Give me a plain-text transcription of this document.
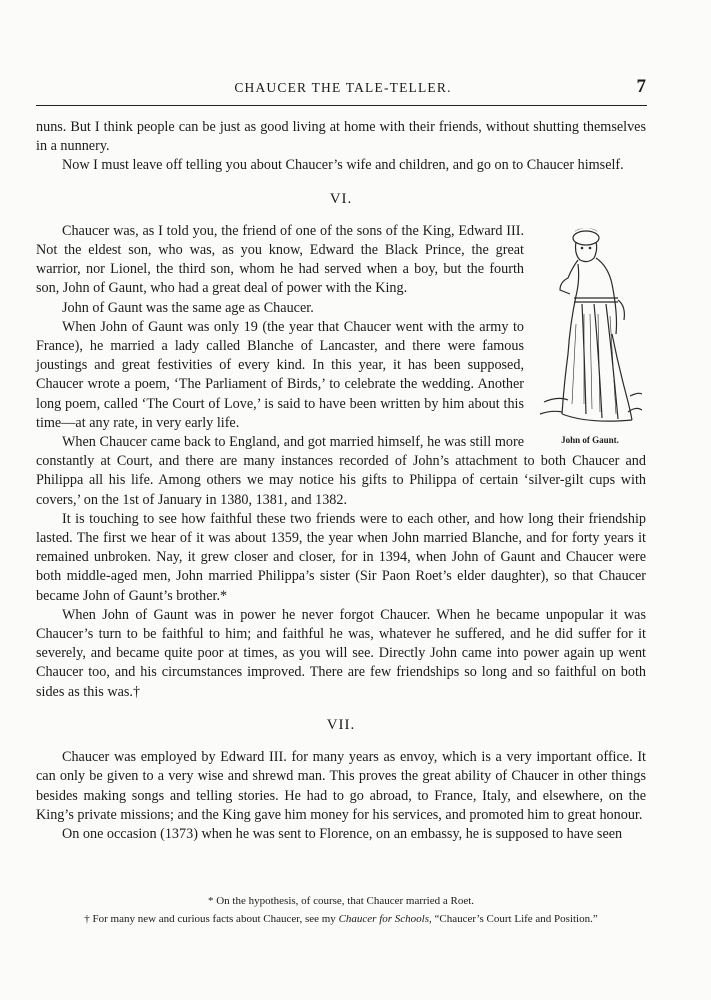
CHAUCER THE TALE-TELLER.	7

nuns. But I think people can be just as good living at home with their friends, without shutting themselves in a nunnery.

Now I must leave off telling you about Chaucer’s wife and children, and go on to Chaucer himself.

VI.

John of Gaunt.
Chaucer was, as I told you, the friend of one of the sons of the King, Edward III. Not the eldest son, who was, as you know, Edward the Black Prince, the great warrior, nor Lionel, the third son, whom he had served when a boy, but the fourth son, John of Gaunt, who had a great deal of power with the King.

John of Gaunt was the same age as Chaucer.

When John of Gaunt was only 19 (the year that Chaucer went with the army to France), he married a lady called Blanche of Lancaster, and there were famous joustings and great festivities of every kind. In this year, it has been supposed, Chaucer wrote a poem, ‘The Parliament of Birds,’ to celebrate the wedding. Another long poem, called ‘The Court of Love,’ is said to have been written by him about this time—at any rate, in very early life.

When Chaucer came back to England, and got married himself, he was still more constantly at Court, and there are many instances recorded of John’s attachment to both Chaucer and Philippa all his life. Among others we may notice his gifts to Philippa of certain ‘silver-gilt cups with covers,’ on the 1st of January in 1380, 1381, and 1382.

It is touching to see how faithful these two friends were to each other, and how long their friendship lasted. The first we hear of it was about 1359, the year when John married Blanche, and for forty years it remained unbroken. Nay, it grew closer and closer, for in 1394, when John of Gaunt and Chaucer were both middle-aged men, John married Philippa’s sister (Sir Paon Roet’s elder daughter), so that Chaucer became John of Gaunt’s brother.*

When John of Gaunt was in power he never forgot Chaucer. When he became unpopular it was Chaucer’s turn to be faithful to him; and faithful he was, whatever he suffered, and he did suffer for it severely, and became quite poor at times, as you will see. Directly John came into power again up went Chaucer too, and his circumstances improved. There are few friendships so long and so faithful on both sides as this was.†

VII.

Chaucer was employed by Edward III. for many years as envoy, which is a very important office. It can only be given to a very wise and shrewd man. This proves the great ability of Chaucer in other things besides making songs and telling stories. He had to go abroad, to France, Italy, and elsewhere, on the King’s private missions; and the King gave him money for his services, and promoted him to great honour.

On one occasion (1373) when he was sent to Florence, on an embassy, he is supposed to have seen

* On the hypothesis, of course, that Chaucer married a Roet.
† For many new and curious facts about Chaucer, see my Chaucer for Schools, “Chaucer’s Court Life and Position.”
